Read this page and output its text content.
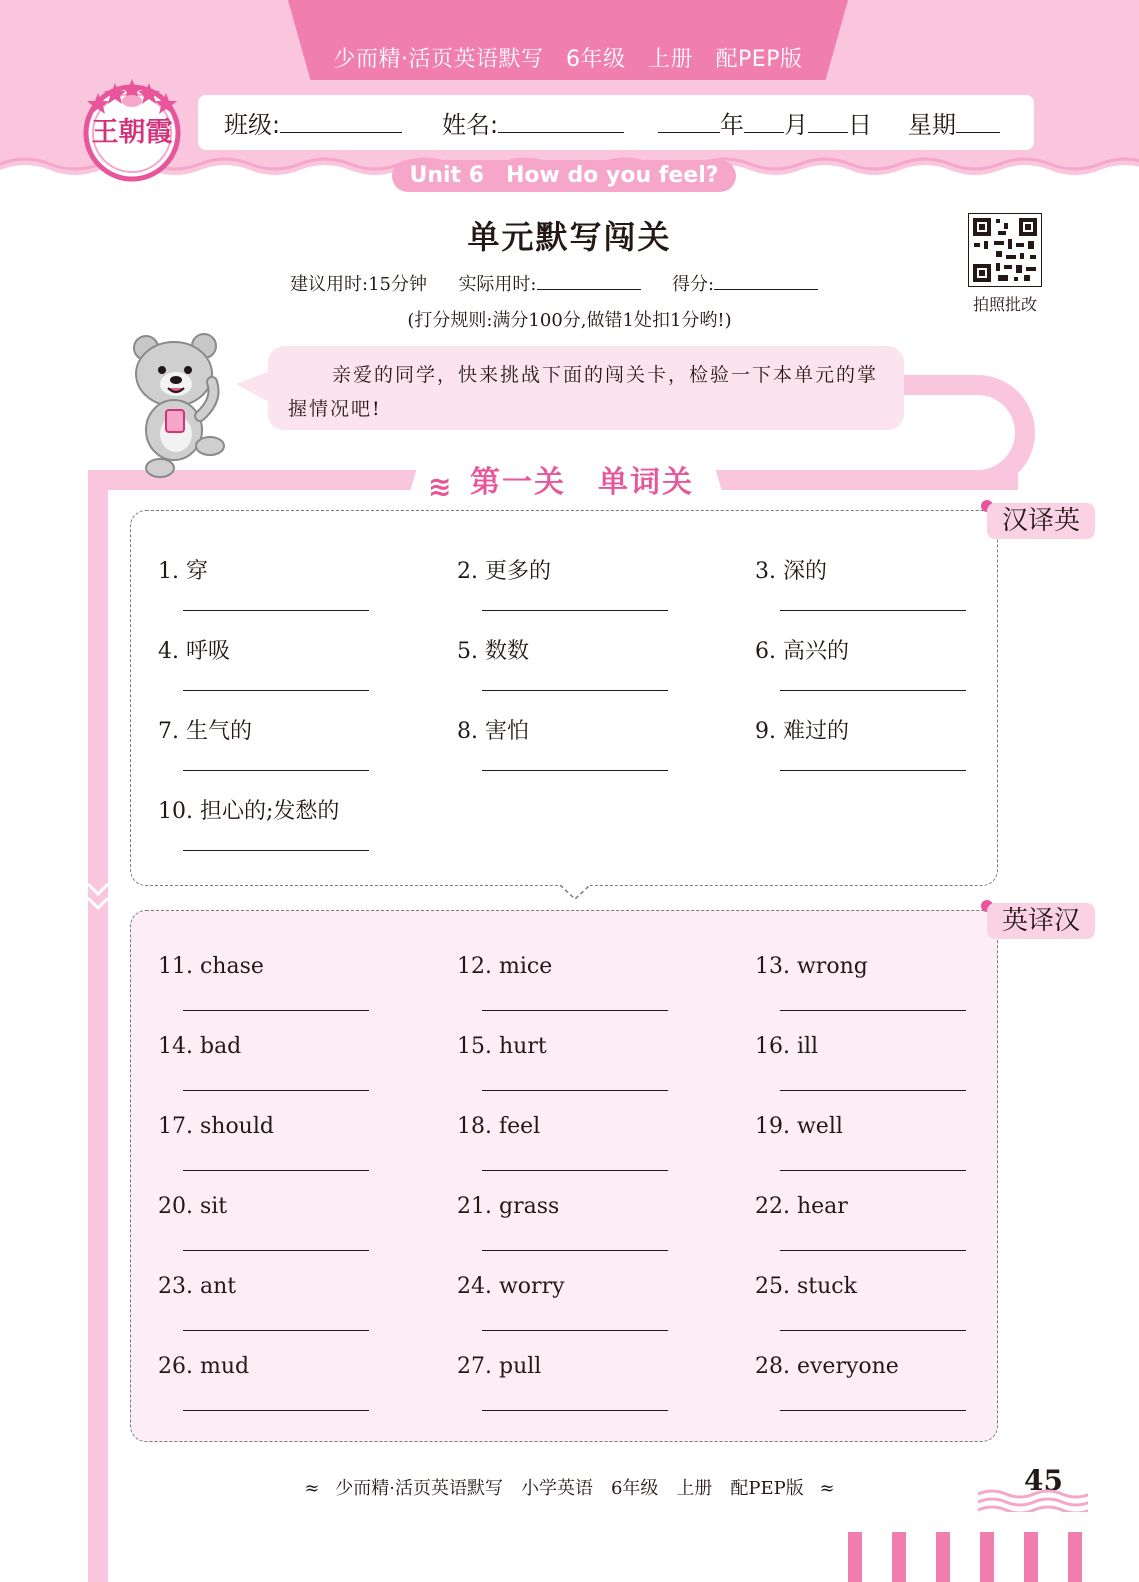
少而精·活页英语默写　6年级　上册　配PEP版
班级:	姓名:	年 月 日 星期
王朝霞
Unit 6　How do you feel?
单元默写闯关
建议用时:15分钟 实际用时:	得分:
(打分规则:满分100分,做错1处扣1分哟!)
拍照批改
亲爱的同学，快来挑战下面的闯关卡，检验一下本单元的掌握情况吧!
≋ 第一关　单词关
汉译英
1. 穿	2. 更多的	3. 深的
4. 呼吸	5. 数数	6. 高兴的
7. 生气的	8. 害怕	9. 难过的
10. 担心的;发愁的
英译汉
11. chase	12. mice	13. wrong
14. bad	15. hurt	16. ill
17. should	18. feel	19. well
20. sit	21. grass	22. hear
23. ant	24. worry	25. stuck
26. mud	27. pull	28. everyone
≈ 少而精·活页英语默写　小学英语　6年级　上册　配PEP版 ≈	45
